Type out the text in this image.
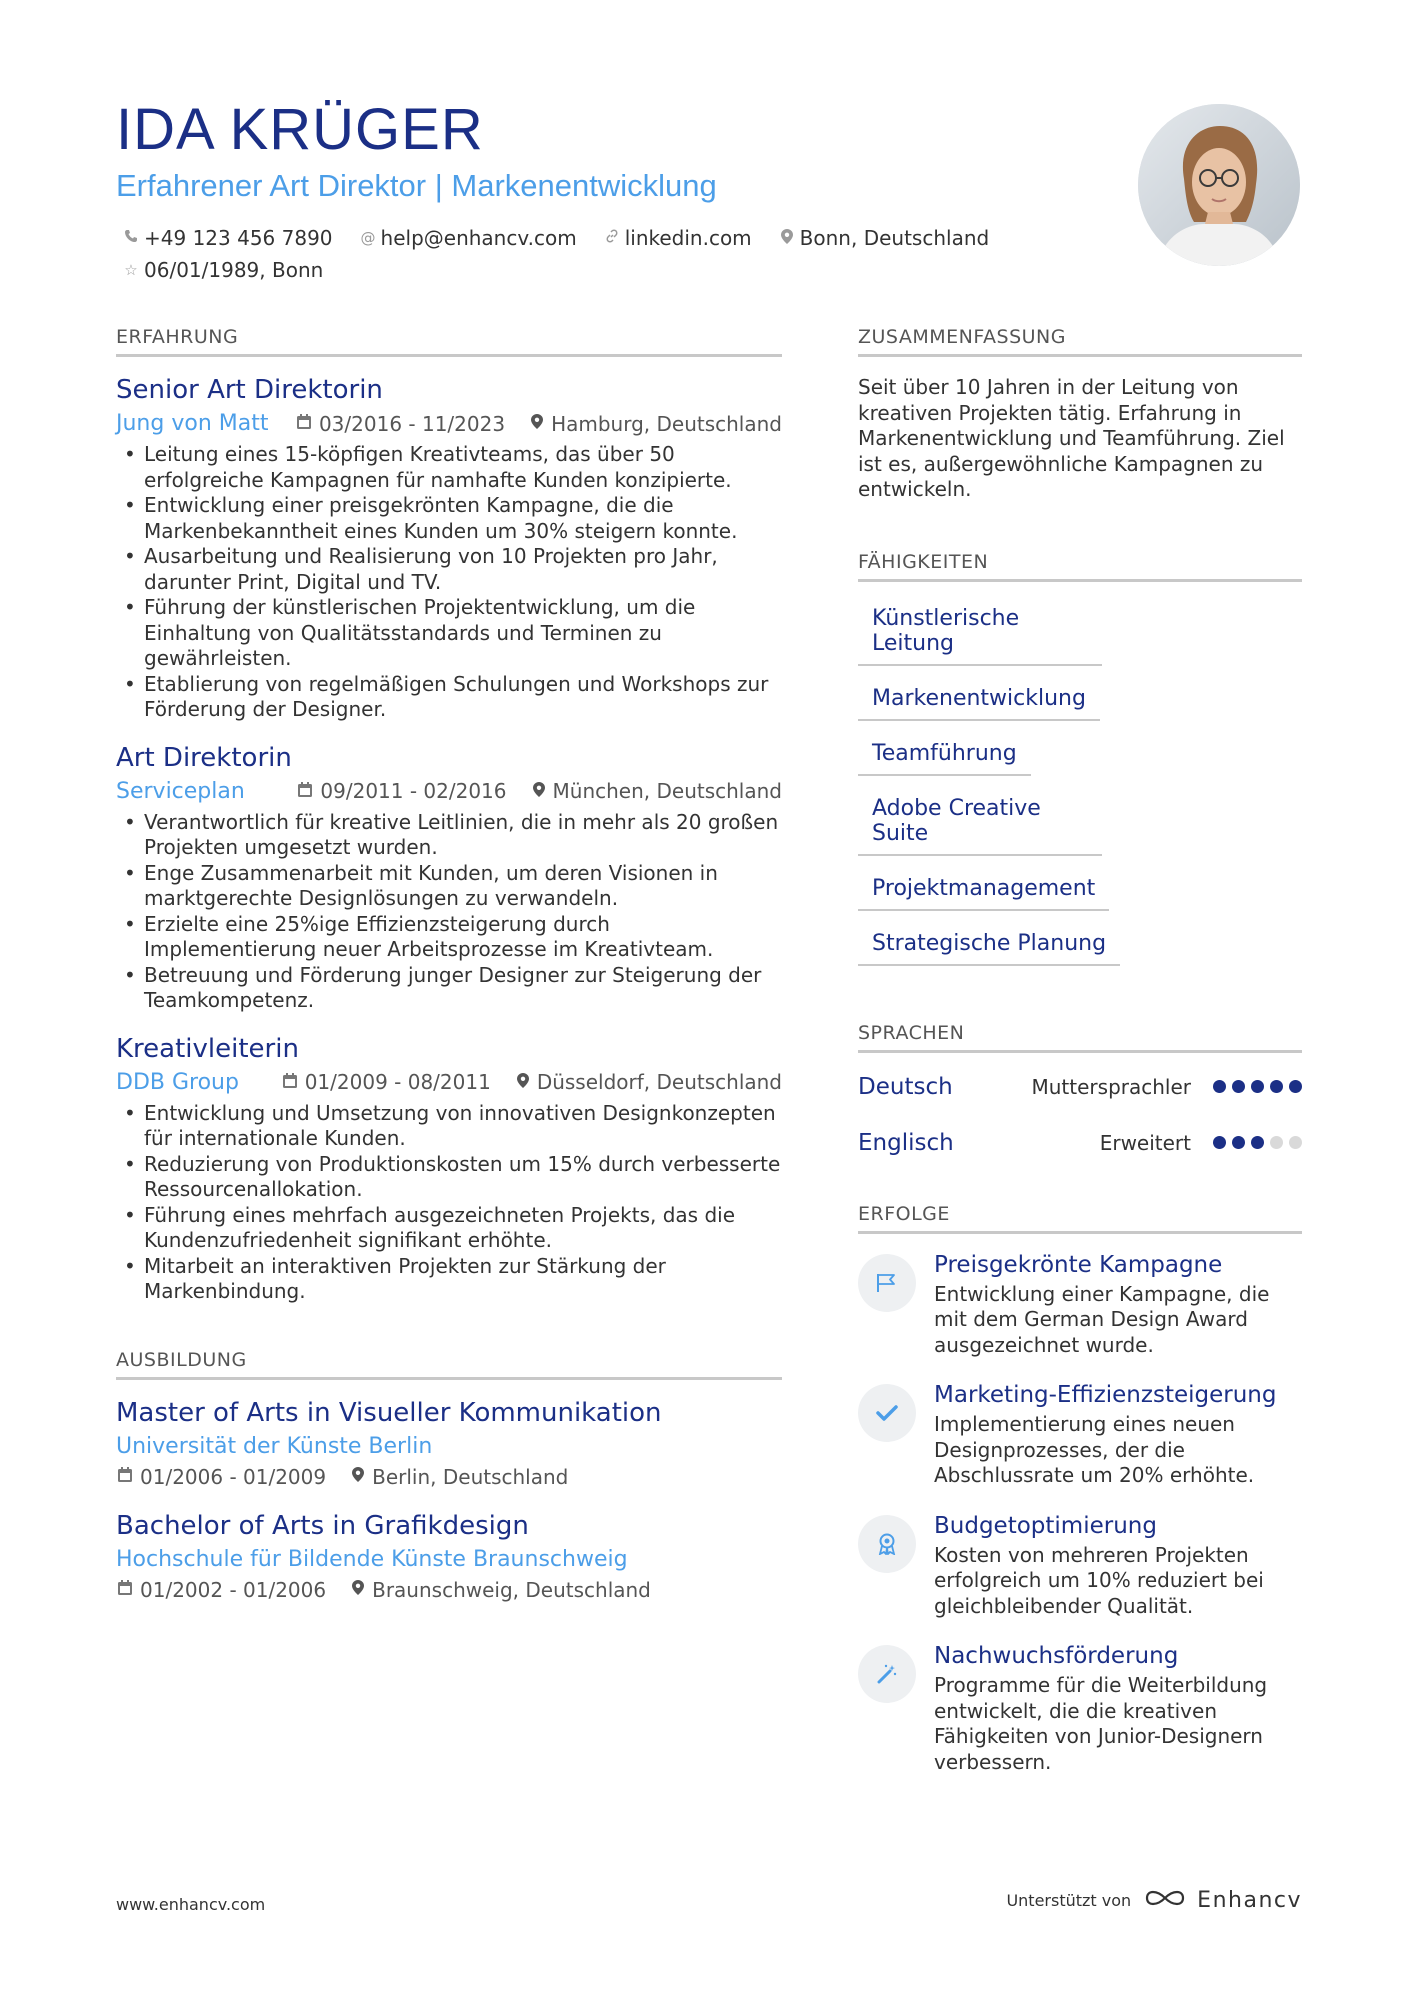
IDA KRÜGER
Erfahrener Art Direktor | Markenentwicklung
+49 123 456 7890 @ help@enhancv.com linkedin.com Bonn, Deutschland
☆ 06/01/1989, Bonn
ERFAHRUNG
Senior Art Direktorin
Jung von Matt	03/2016 - 11/2023 Hamburg, Deutschland
• Leitung eines 15-köpfigen Kreativteams, das über 50 erfolgreiche Kampagnen für namhafte Kunden konzipierte.
• Entwicklung einer preisgekrönten Kampagne, die die Markenbekanntheit eines Kunden um 30% steigern konnte.
• Ausarbeitung und Realisierung von 10 Projekten pro Jahr, darunter Print, Digital und TV.
• Führung der künstlerischen Projektentwicklung, um die Einhaltung von Qualitätsstandards und Terminen zu gewährleisten.
• Etablierung von regelmäßigen Schulungen und Workshops zur Förderung der Designer.
Art Direktorin
Serviceplan	09/2011 - 02/2016 München, Deutschland
• Verantwortlich für kreative Leitlinien, die in mehr als 20 großen Projekten umgesetzt wurden.
• Enge Zusammenarbeit mit Kunden, um deren Visionen in marktgerechte Designlösungen zu verwandeln.
• Erzielte eine 25%ige Effizienzsteigerung durch Implementierung neuer Arbeitsprozesse im Kreativteam.
• Betreuung und Förderung junger Designer zur Steigerung der Teamkompetenz.
Kreativleiterin
DDB Group	01/2009 - 08/2011 Düsseldorf, Deutschland
• Entwicklung und Umsetzung von innovativen Designkonzepten für internationale Kunden.
• Reduzierung von Produktionskosten um 15% durch verbesserte Ressourcenallokation.
• Führung eines mehrfach ausgezeichneten Projekts, das die Kundenzufriedenheit signifikant erhöhte.
• Mitarbeit an interaktiven Projekten zur Stärkung der Markenbindung.
AUSBILDUNG
Master of Arts in Visueller Kommunikation
Universität der Künste Berlin
01/2006 - 01/2009 Berlin, Deutschland
Bachelor of Arts in Grafikdesign
Hochschule für Bildende Künste Braunschweig
01/2002 - 01/2006 Braunschweig, Deutschland
ZUSAMMENFASSUNG

Seit über 10 Jahren in der Leitung von kreativen Projekten tätig. Erfahrung in Markenentwicklung und Teamführung. Ziel ist es, außergewöhnliche Kampagnen zu entwickeln.

FÄHIGKEITEN
Künstlerische Leitung
Markenentwicklung
Teamführung
Adobe Creative Suite
Projektmanagement
Strategische Planung
SPRACHEN
Deutsch	Muttersprachler
Englisch	Erweitert
ERFOLGE
Preisgekrönte Kampagne
Entwicklung einer Kampagne, die mit dem German Design Award ausgezeichnet wurde.
Marketing-Effizienzsteigerung
Implementierung eines neuen Designprozesses, der die Abschlussrate um 20% erhöhte.
Budgetoptimierung
Kosten von mehreren Projekten erfolgreich um 10% reduziert bei gleichbleibender Qualität.
Nachwuchsförderung
Programme für die Weiterbildung entwickelt, die die kreativen Fähigkeiten von Junior-Designern verbessern.
www.enhancv.com	Unterstützt von	Enhancv
